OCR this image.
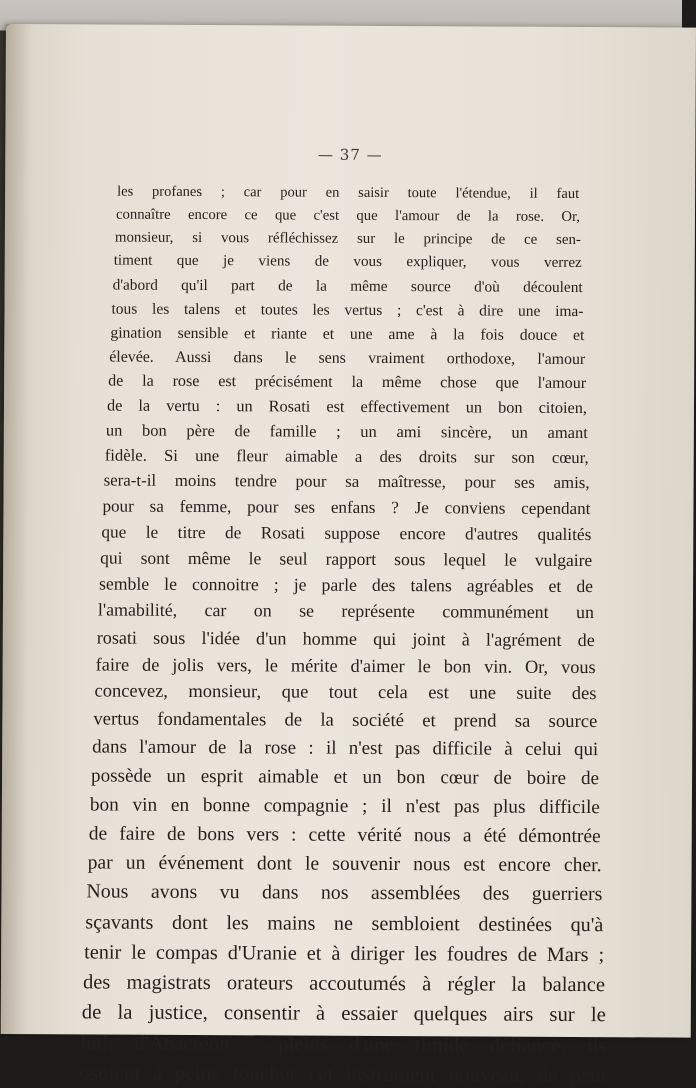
— 37 —
les profanes ; car pour en saisir toute l'étendue, il faut
connaître encore ce que c'est que l'amour de la rose. Or,
monsieur, si vous réfléchissez sur le principe de ce sen-
timent que je viens de vous expliquer, vous verrez
d'abord qu'il part de la même source d'où découlent
tous les talens et toutes les vertus ; c'est à dire une ima-
gination sensible et riante et une ame à la fois douce et
élevée. Aussi dans le sens vraiment orthodoxe, l'amour
de la rose est précisément la même chose que l'amour
de la vertu : un Rosati est effectivement un bon citoien,
un bon père de famille ; un ami sincère, un amant
fidèle. Si une fleur aimable a des droits sur son cœur,
sera-t-il moins tendre pour sa maîtresse, pour ses amis,
pour sa femme, pour ses enfans ? Je conviens cependant
que le titre de Rosati suppose encore d'autres qualités
qui sont même le seul rapport sous lequel le vulgaire
semble le connoitre ; je parle des talens agréables et de
l'amabilité, car on se représente communément un
rosati sous l'idée d'un homme qui joint à l'agrément de
faire de jolis vers, le mérite d'aimer le bon vin. Or, vous
concevez, monsieur, que tout cela est une suite des
vertus fondamentales de la société et prend sa source
dans l'amour de la rose : il n'est pas difficile à celui qui
possède un esprit aimable et un bon cœur de boire de
bon vin en bonne compagnie ; il n'est pas plus difficile
de faire de bons vers : cette vérité nous a été démontrée
par un événement dont le souvenir nous est encore cher.
Nous avons vu dans nos assemblées des guerriers
sçavants dont les mains ne sembloient destinées qu'à
tenir le compas d'Uranie et à diriger les foudres de Mars ;
des magistrats orateurs accoutumés à régler la balance
de la justice, consentir à essaier quelques airs sur le
luth d'Anacréon : pleins d'une timide défiance, ils
osoient à peine toucher cet instrument nouveau, de peur
